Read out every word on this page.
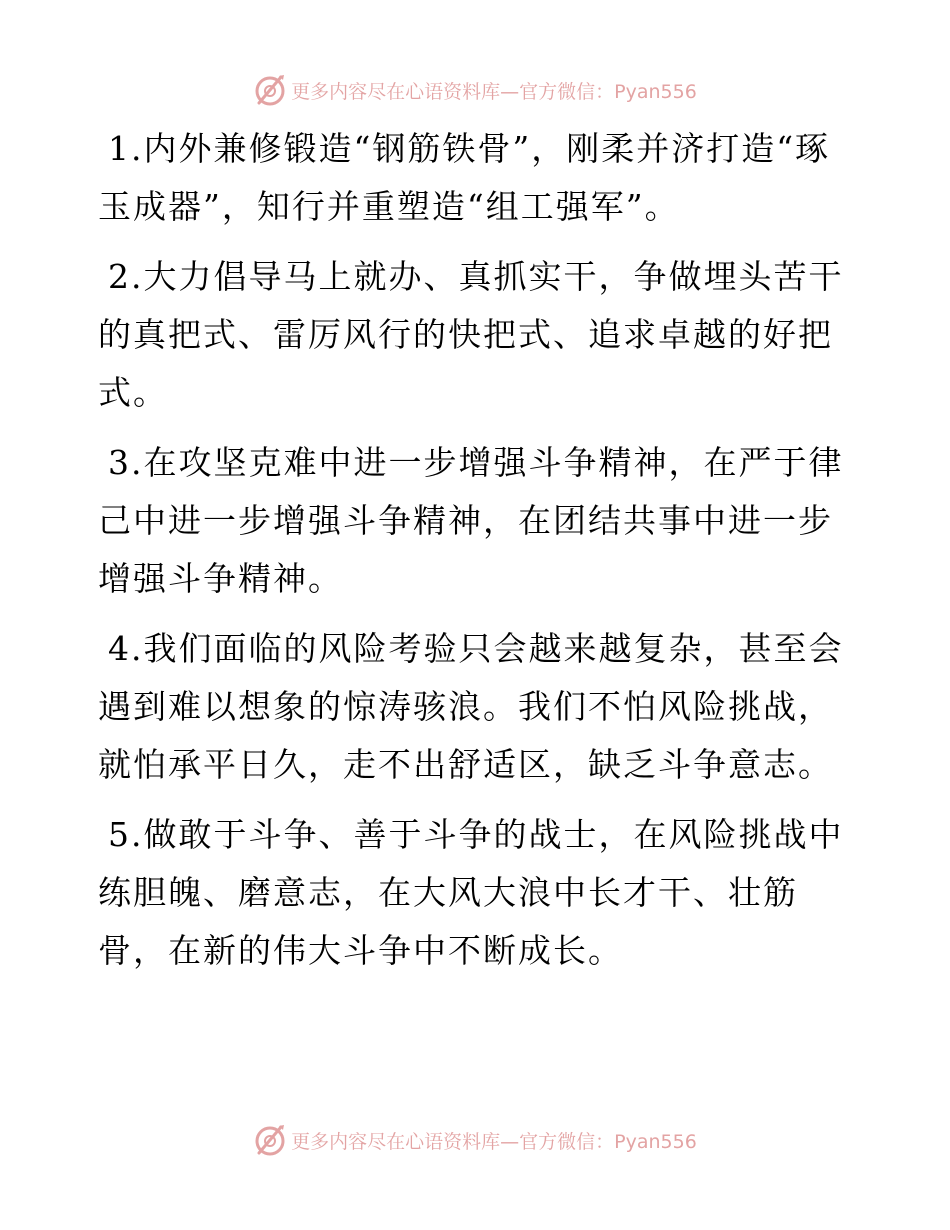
更多内容尽在心语资料库—官方微信：Pyan556

1.内外兼修锻造“钢筋铁骨”，刚柔并济打造“琢玉成器”，知行并重塑造“组工强军”。

2.大力倡导马上就办、真抓实干，争做埋头苦干的真把式、雷厉风行的快把式、追求卓越的好把式。

3.在攻坚克难中进一步增强斗争精神，在严于律己中进一步增强斗争精神，在团结共事中进一步增强斗争精神。

4.我们面临的风险考验只会越来越复杂，甚至会遇到难以想象的惊涛骇浪。我们不怕风险挑战，就怕承平日久，走不出舒适区，缺乏斗争意志。

5.做敢于斗争、善于斗争的战士，在风险挑战中练胆魄、磨意志，在大风大浪中长才干、壮筋骨，在新的伟大斗争中不断成长。

更多内容尽在心语资料库—官方微信：Pyan556
